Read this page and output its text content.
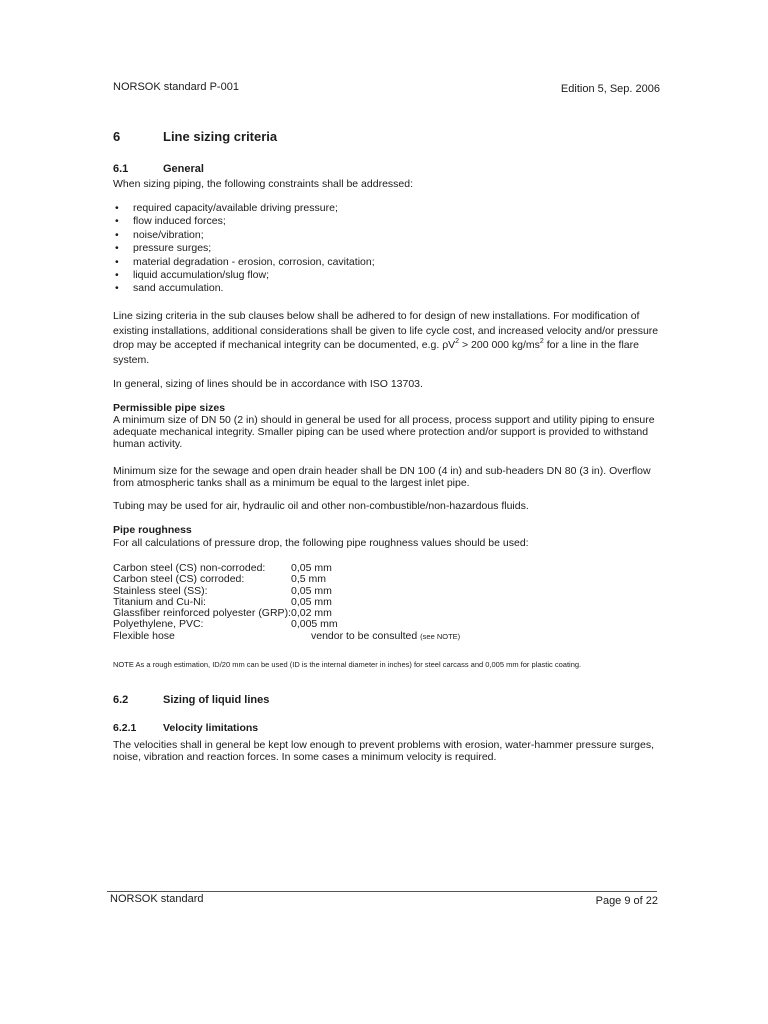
NORSOK standard P-001	Edition 5, Sep. 2006
6	Line sizing criteria
6.1	General
When sizing piping, the following constraints shall be addressed:
• required capacity/available driving pressure;
• flow induced forces;
• noise/vibration;
• pressure surges;
• material degradation - erosion, corrosion, cavitation;
• liquid accumulation/slug flow;
• sand accumulation.
Line sizing criteria in the sub clauses below shall be adhered to for design of new installations. For modification of existing installations, additional considerations shall be given to life cycle cost, and increased velocity and/or pressure drop may be accepted if mechanical integrity can be documented, e.g. $\rho V^2 > 200$ 000 $kg/ms^2$ for a line in the flare system.
In general, sizing of lines should be in accordance with ISO 13703.
Permissible pipe sizes
A minimum size of DN 50 (2 in) should in general be used for all process, process support and utility piping to ensure adequate mechanical integrity. Smaller piping can be used where protection and/or support is provided to withstand human activity.
Minimum size for the sewage and open drain header shall be DN 100 (4 in) and sub-headers DN 80 (3 in). Overflow from atmospheric tanks shall as a minimum be equal to the largest inlet pipe.
Tubing may be used for air, hydraulic oil and other non-combustible/non-hazardous fluids.
Pipe roughness
For all calculations of pressure drop, the following pipe roughness values should be used:
Carbon steel (CS) non-corroded:	0,05 mm
Carbon steel (CS) corroded:	0,5 mm
Stainless steel (SS):	0,05 mm
Titanium and Cu-Ni:	0,05 mm
Glassfiber reinforced polyester (GRP):	0,02 mm
Polyethylene, PVC:	0,005 mm
Flexible hose	vendor to be consulted (see NOTE)
NOTE As a rough estimation, ID/20 mm can be used (ID is the internal diameter in inches) for steel carcass and 0,005 mm for plastic coating.
6.2	Sizing of liquid lines
6.2.1	Velocity limitations
The velocities shall in general be kept low enough to prevent problems with erosion, water-hammer pressure surges, noise, vibration and reaction forces. In some cases a minimum velocity is required.
NORSOK standard	Page 9 of 22
